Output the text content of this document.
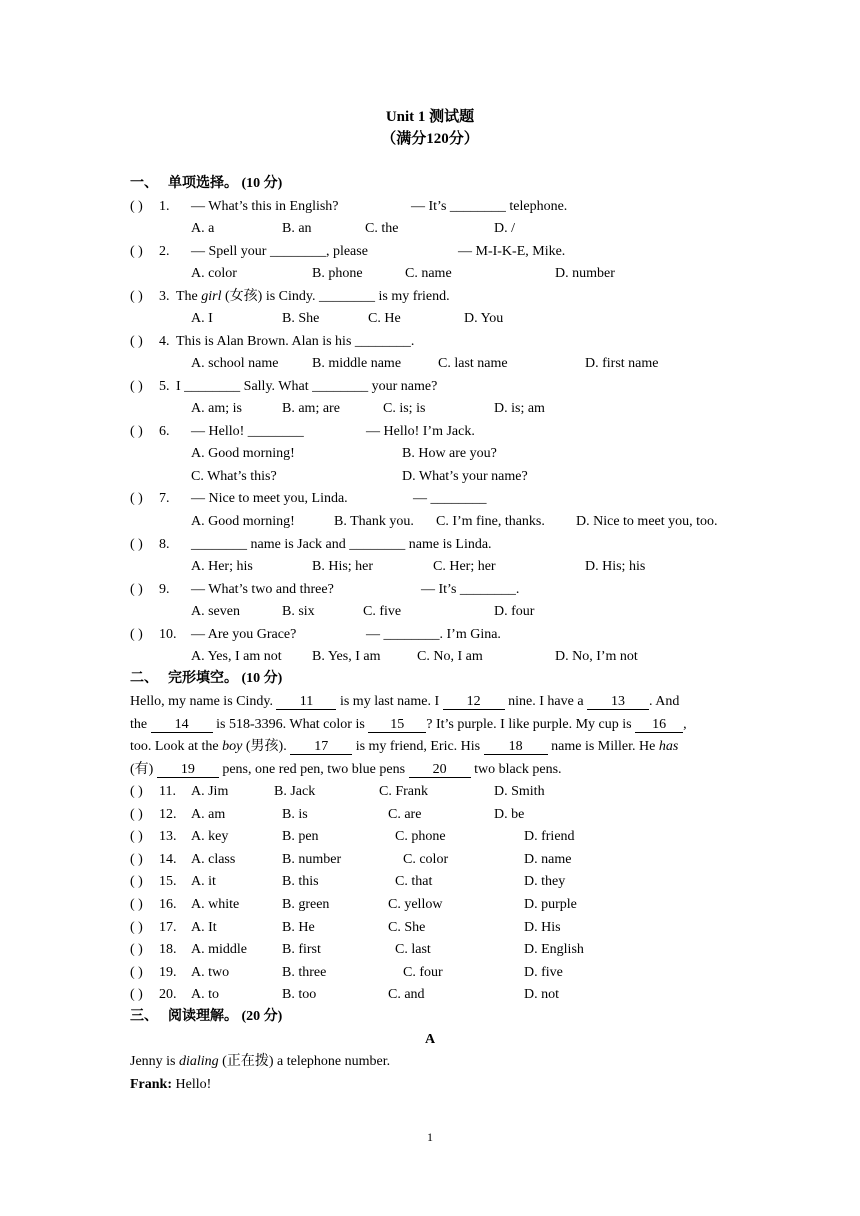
Unit 1 测试题
（满分120分）
一、 单项选择。 (10 分)
( ) 1. — What’s this in English?	— It’s ________ telephone.
A. a	B. an	C. the	D. /
( ) 2. — Spell your ________, please	— M-I-K-E, Mike.
A. color	B. phone	C. name	D. number
( ) 3. The girl (女孩) is Cindy. ________ is my friend.
A. I	B. She	C. He	D. You
( ) 4. This is Alan Brown. Alan is his ________.
A. school name B. middle name	C. last name	D. first name
( ) 5. I ________ Sally. What ________ your name?
A. am; is	B. am; are	C. is; is	D. is; am
( ) 6. — Hello! ________	— Hello! I’m Jack.
A. Good morning!	B. How are you?
C. What’s this?	D. What’s your name?
( ) 7. — Nice to meet you, Linda.	— ________
A. Good morning!	B. Thank you. C. I’m fine, thanks. D. Nice to meet you, too.
( ) 8. ________ name is Jack and ________ name is Linda.
A. Her; his	B. His; her	C. Her; her	D. His; his
( ) 9. — What’s two and three?	— It’s ________.
A. seven	B. six	C. five	D. four
( ) 10. — Are you Grace?	— ________. I’m Gina.
A. Yes, I am not B. Yes, I am	C. No, I am	D. No, I’m not
二、 完形填空。 (10 分)
Hello, my name is Cindy. 11 is my last name. I 12 nine. I have a 13 . And
the 14 is 518-3396. What color is 15 ? It’s purple. I like purple. My cup is 16 ,
too. Look at the boy (男孩). 17 is my friend, Eric. His 18 name is Miller. He has
(有) 19 pens, one red pen, two blue pens 20 two black pens.
( ) 11. A. Jim	B. Jack	C. Frank	D. Smith
( ) 12. A. am	B. is	C. are	D. be
( ) 13. A. key	B. pen	C. phone	D. friend
( ) 14. A. class	B. number	C. color	D. name
( ) 15. A. it	B. this	C. that	D. they
( ) 16. A. white	B. green	C. yellow	D. purple
( ) 17. A. It	B. He	C. She	D. His
( ) 18. A. middle	B. first	C. last	D. English
( ) 19. A. two	B. three	C. four	D. five
( ) 20. A. to	B. too	C. and	D. not
三、 阅读理解。 (20 分)
A
Jenny is dialing (正在拨) a telephone number.
Frank: Hello!
1
